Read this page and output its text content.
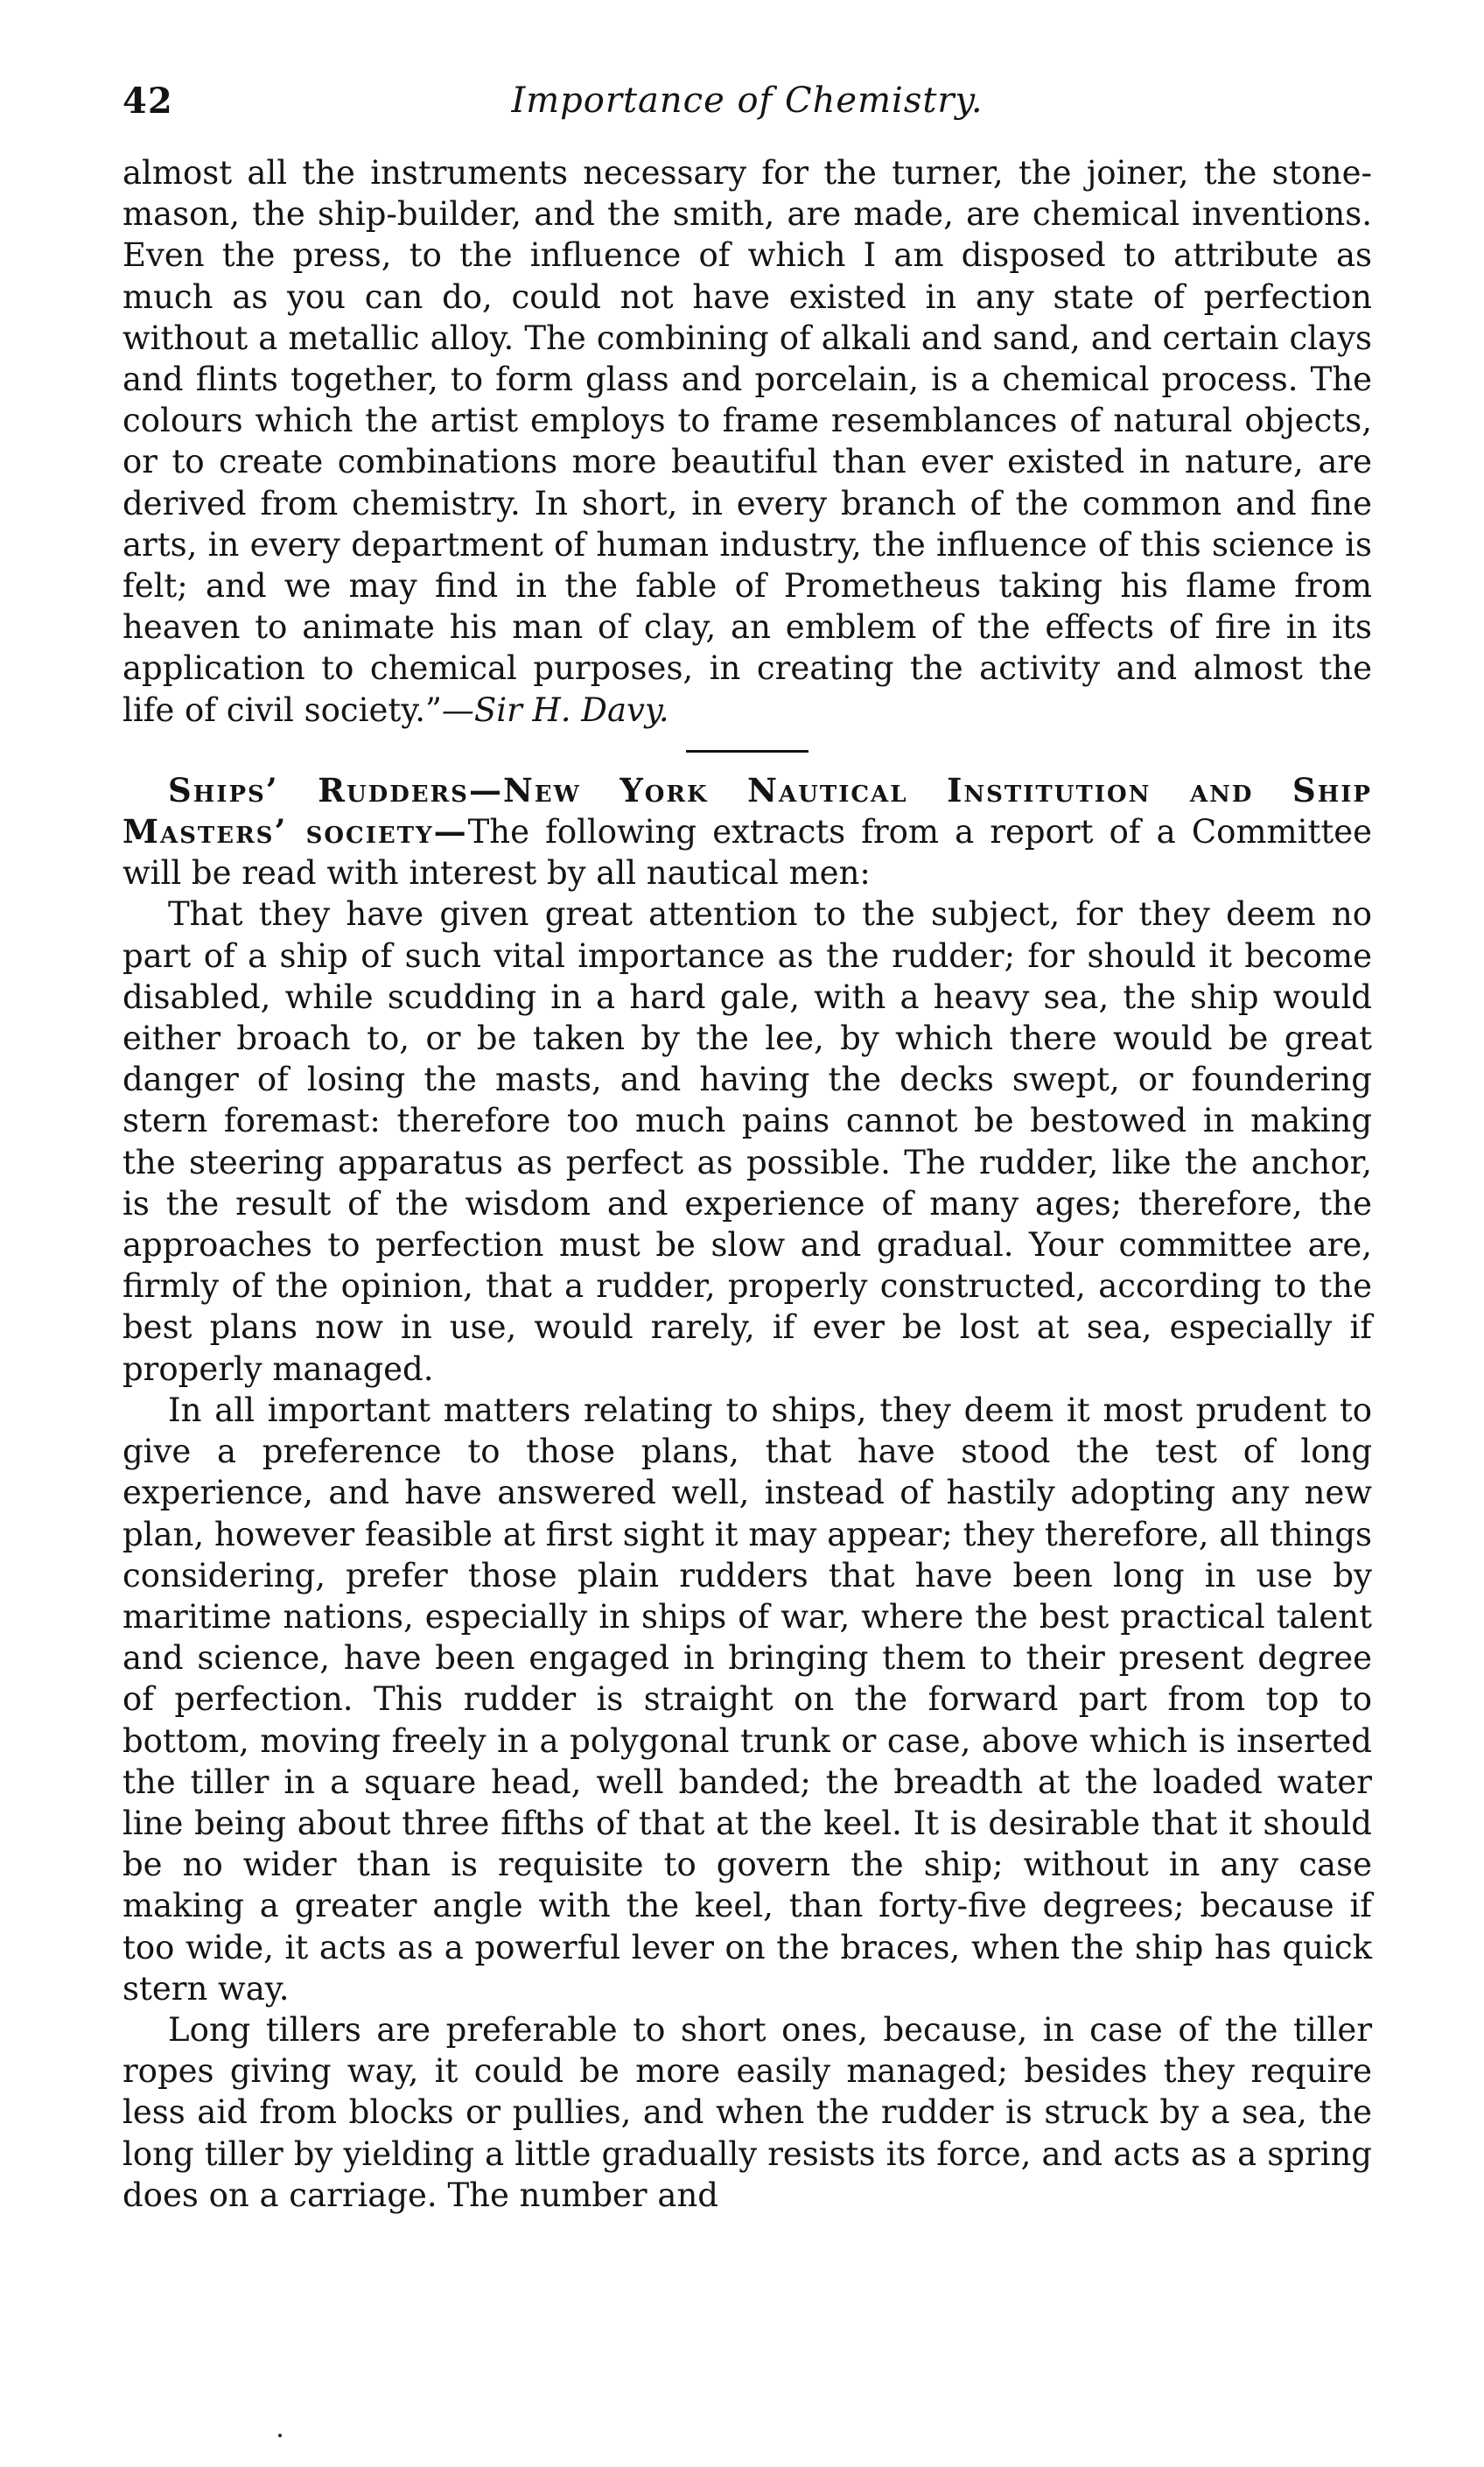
42	Importance of Chemistry.

almost all the instruments necessary for the turner, the joiner, the stone-mason, the ship-builder, and the smith, are made, are chemical inventions. Even the press, to the influence of which I am disposed to attribute as much as you can do, could not have existed in any state of perfection without a metallic alloy. The combining of alkali and sand, and certain clays and flints together, to form glass and porcelain, is a chemical process. The colours which the artist employs to frame resemblances of natural objects, or to create combinations more beautiful than ever existed in nature, are derived from chemistry. In short, in every branch of the common and fine arts, in every department of human industry, the influence of this science is felt; and we may find in the fable of Prometheus taking his flame from heaven to animate his man of clay, an emblem of the effects of fire in its application to chemical purposes, in creating the activity and almost the life of civil society.”—Sir H. Davy.

Ships’ Rudders—New York Nautical Institution and Ship Masters’ society—The following extracts from a report of a Committee will be read with interest by all nautical men:

That they have given great attention to the subject, for they deem no part of a ship of such vital importance as the rudder; for should it become disabled, while scudding in a hard gale, with a heavy sea, the ship would either broach to, or be taken by the lee, by which there would be great danger of losing the masts, and having the decks swept, or foundering stern foremast: therefore too much pains cannot be bestowed in making the steering apparatus as perfect as possible. The rudder, like the anchor, is the result of the wisdom and experience of many ages; therefore, the approaches to perfection must be slow and gradual. Your committee are, firmly of the opinion, that a rudder, properly constructed, according to the best plans now in use, would rarely, if ever be lost at sea, especially if properly managed.

In all important matters relating to ships, they deem it most prudent to give a preference to those plans, that have stood the test of long experience, and have answered well, instead of hastily adopting any new plan, however feasible at first sight it may appear; they therefore, all things considering, prefer those plain rudders that have been long in use by maritime nations, especially in ships of war, where the best practical talent and science, have been engaged in bringing them to their present degree of perfection. This rudder is straight on the forward part from top to bottom, moving freely in a polygonal trunk or case, above which is inserted the tiller in a square head, well banded; the breadth at the loaded water line being about three fifths of that at the keel. It is desirable that it should be no wider than is requisite to govern the ship; without in any case making a greater angle with the keel, than forty-five degrees; because if too wide, it acts as a powerful lever on the braces, when the ship has quick stern way.

Long tillers are preferable to short ones, because, in case of the tiller ropes giving way, it could be more easily managed; besides they require less aid from blocks or pullies, and when the rudder is struck by a sea, the long tiller by yielding a little gradually resists its force, and acts as a spring does on a carriage. The number and
